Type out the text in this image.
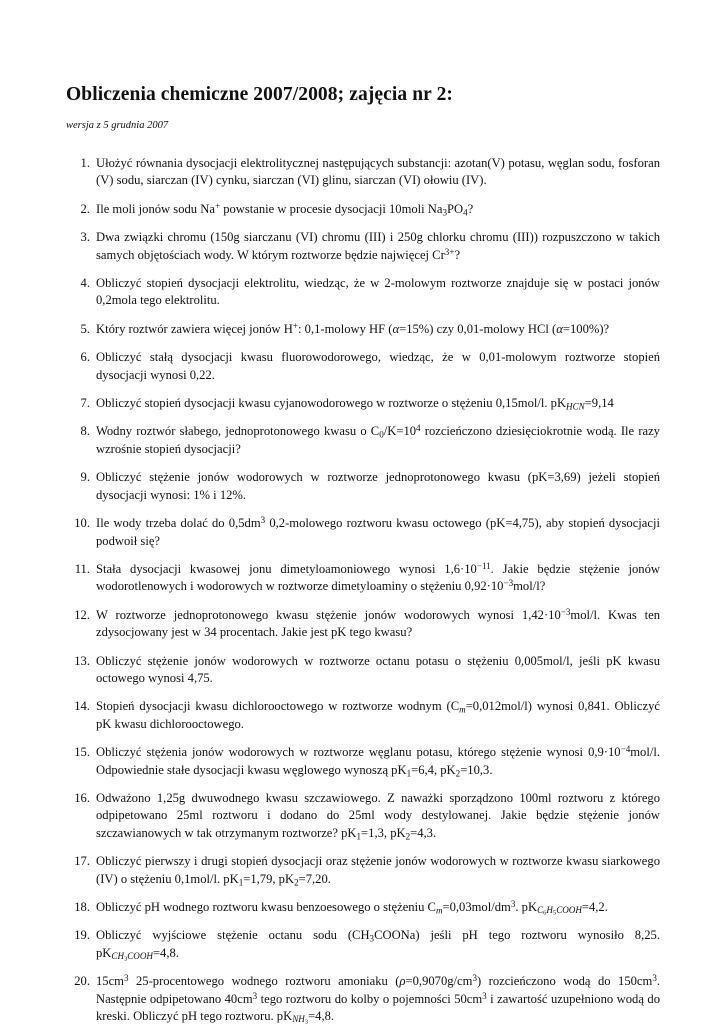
Obliczenia chemiczne 2007/2008; zajęcia nr 2:

wersja z 5 grudnia 2007

1. Ułożyć równania dysocjacji elektrolitycznej następujących substancji: azotan(V) potasu, węglan sodu, fosforan (V) sodu, siarczan (IV) cynku, siarczan (VI) glinu, siarczan (VI) ołowiu (IV).
2. Ile moli jonów sodu Na+ powstanie w procesie dysocjacji 10moli $Na_3PO_4$?
3. Dwa związki chromu (150g siarczanu (VI) chromu (III) i 250g chlorku chromu (III)) rozpuszczono w takich samych objętościach wody. W którym roztworze będzie najwięcej $Cr^{3+}$?
4. Obliczyć stopień dysocjacji elektrolitu, wiedząc, że w 2-molowym roztworze znajduje się w postaci jonów 0,2mola tego elektrolitu.
5. Który roztwór zawiera więcej jonów H+: 0,1-molowy HF (α=15%) czy 0,01-molowy HCl (α=100%)?
6. Obliczyć stałą dysocjacji kwasu fluorowodorowego, wiedząc, że w 0,01-molowym roztworze stopień dysocjacji wynosi 0,22.
7. Obliczyć stopień dysocjacji kwasu cyjanowodorowego w roztworze o stężeniu 0,15mol/l. $pK_{HCN}=9,14$
8. Wodny roztwór słabego, jednoprotonowego kwasu o $C_0/K=10^4$ rozcieńczono dziesięciokrotnie wodą. Ile razy wzrośnie stopień dysocjacji?
9. Obliczyć stężenie jonów wodorowych w roztworze jednoprotonowego kwasu (pK=3,69) jeżeli stopień dysocjacji wynosi: 1% i 12%.
10. Ile wody trzeba dolać do $0,5dm^3$ 0,2-molowego roztworu kwasu octowego (pK=4,75), aby stopień dysocjacji podwoił się?
11. Stała dysocjacji kwasowej jonu dimetyloamoniowego wynosi $1,6\cdot 10^{-11}$. Jakie będzie stężenie jonów wodorotlenowych i wodorowych w roztworze dimetyloaminy o stężeniu $0,92\cdot 10^{-3}mol/l$?
12. W roztworze jednoprotonowego kwasu stężenie jonów wodorowych wynosi $1,42\cdot 10^{-3}mol/l$. Kwas ten zdysocjowany jest w 34 procentach. Jakie jest pK tego kwasu?
13. Obliczyć stężenie jonów wodorowych w roztworze octanu potasu o stężeniu 0,005mol/l, jeśli pK kwasu octowego wynosi 4,75.
14. Stopień dysocjacji kwasu dichlorooctowego w roztworze wodnym $(C_m=0,012mol/l)$ wynosi 0,841. Obliczyć pK kwasu dichlorooctowego.
15. Obliczyć stężenia jonów wodorowych w roztworze węglanu potasu, którego stężenie wynosi $0,9\cdot 10^{-4}mol/l$. Odpowiednie stałe dysocjacji kwasu węglowego wynoszą $pK_1=6,4$, $pK_2=10,3$.
16. Odważono 1,25g dwuwodnego kwasu szczawiowego. Z naważki sporządzono 100ml roztworu z którego odpipetowano 25ml roztworu i dodano do 25ml wody destylowanej. Jakie będzie stężenie jonów szczawianowych w tak otrzymanym roztworze? $pK_1=1,3$, $pK_2=4,3$.
17. Obliczyć pierwszy i drugi stopień dysocjacji oraz stężenie jonów wodorowych w roztworze kwasu siarkowego (IV) o stężeniu 0,1mol/l. $pK_1=1,79$, $pK_2=7,20$.
18. Obliczyć pH wodnego roztworu kwasu benzoesowego o stężeniu $C_m=0,03mol/dm^3$. $pK_{C_6H_5COOH}=4,2$.
19. Obliczyć wyjściowe stężenie octanu sodu $(CH_3COONa)$ jeśli pH tego roztworu wynosiło 8,25. $pK_{CH_3COOH}=4,8$.
20. $15cm^3$ 25-procentowego wodnego roztworu amoniaku $(\rho=0,9070g/cm^3)$ rozcieńczono wodą do $150cm^3$. Następnie odpipetowano $40cm^3$ tego roztworu do kolby o pojemności $50cm^3$ i zawartość uzupełniono wodą do kreski. Obliczyć pH tego roztworu. $pK_{NH_3}=4,8$.
